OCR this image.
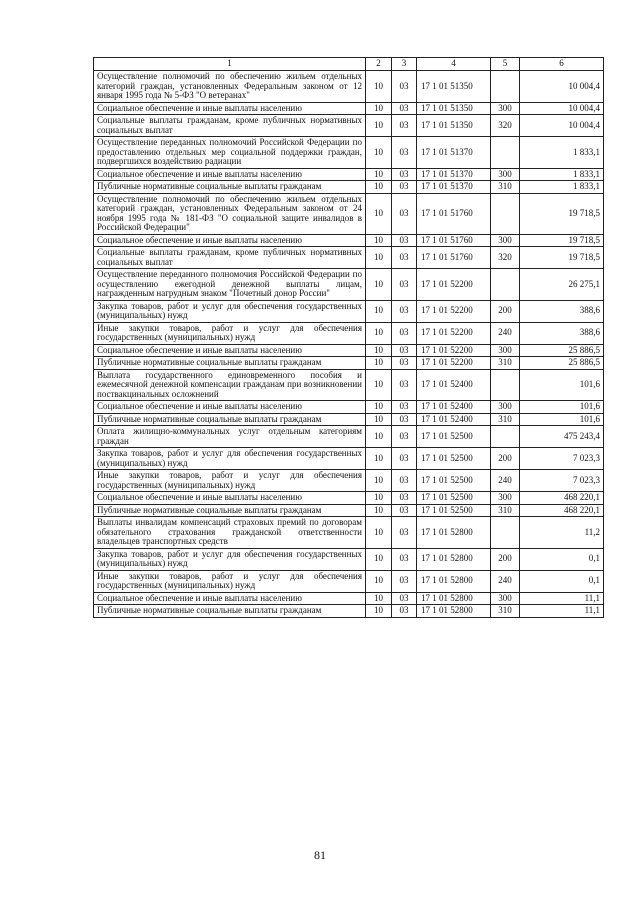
1	2	3	4	5	6
Осуществление полномочий по обеспечению жильем отдельных категорий граждан, установленных Федеральным законом от 12 января 1995 года № 5-ФЗ "О ветеранах"	10	03	17 1 01 51350		10 004,4
Социальное обеспечение и иные выплаты населению	10	03	17 1 01 51350	300	10 004,4
Социальные выплаты гражданам, кроме публичных нормативных социальных выплат	10	03	17 1 01 51350	320	10 004,4
Осуществление переданных полномочий Российской Федерации по предоставлению отдельных мер социальной поддержки граждан, подвергшихся воздействию радиации	10	03	17 1 01 51370		1 833,1
Социальное обеспечение и иные выплаты населению	10	03	17 1 01 51370	300	1 833,1
Публичные нормативные социальные выплаты гражданам	10	03	17 1 01 51370	310	1 833,1
Осуществление полномочий по обеспечению жильем отдельных категорий граждан, установленных Федеральным законом от 24 ноября 1995 года № 181-ФЗ "О социальной защите инвалидов в Российской Федерации"	10	03	17 1 01 51760		19 718,5
Социальное обеспечение и иные выплаты населению	10	03	17 1 01 51760	300	19 718,5
Социальные выплаты гражданам, кроме публичных нормативных социальных выплат	10	03	17 1 01 51760	320	19 718,5
Осуществление переданного полномочия Российской Федерации по осуществлению ежегодной денежной выплаты лицам, награжденным нагрудным знаком "Почетный донор России"	10	03	17 1 01 52200		26 275,1
Закупка товаров, работ и услуг для обеспечения государственных (муниципальных) нужд	10	03	17 1 01 52200	200	388,6
Иные закупки товаров, работ и услуг для обеспечения государственных (муниципальных) нужд	10	03	17 1 01 52200	240	388,6
Социальное обеспечение и иные выплаты населению	10	03	17 1 01 52200	300	25 886,5
Публичные нормативные социальные выплаты гражданам	10	03	17 1 01 52200	310	25 886,5
Выплата государственного единовременного пособия и ежемесячной денежной компенсации гражданам при возникновении поствакцинальных осложнений	10	03	17 1 01 52400		101,6
Социальное обеспечение и иные выплаты населению	10	03	17 1 01 52400	300	101,6
Публичные нормативные социальные выплаты гражданам	10	03	17 1 01 52400	310	101,6
Оплата жилищно-коммунальных услуг отдельным категориям граждан	10	03	17 1 01 52500		475 243,4
Закупка товаров, работ и услуг для обеспечения государственных (муниципальных) нужд	10	03	17 1 01 52500	200	7 023,3
Иные закупки товаров, работ и услуг для обеспечения государственных (муниципальных) нужд	10	03	17 1 01 52500	240	7 023,3
Социальное обеспечение и иные выплаты населению	10	03	17 1 01 52500	300	468 220,1
Публичные нормативные социальные выплаты гражданам	10	03	17 1 01 52500	310	468 220,1
Выплаты инвалидам компенсаций страховых премий по договорам обязательного страхования гражданской ответственности владельцев транспортных средств	10	03	17 1 01 52800		11,2
Закупка товаров, работ и услуг для обеспечения государственных (муниципальных) нужд	10	03	17 1 01 52800	200	0,1
Иные закупки товаров, работ и услуг для обеспечения государственных (муниципальных) нужд	10	03	17 1 01 52800	240	0,1
Социальное обеспечение и иные выплаты населению	10	03	17 1 01 52800	300	11,1
Публичные нормативные социальные выплаты гражданам	10	03	17 1 01 52800	310	11,1
81
